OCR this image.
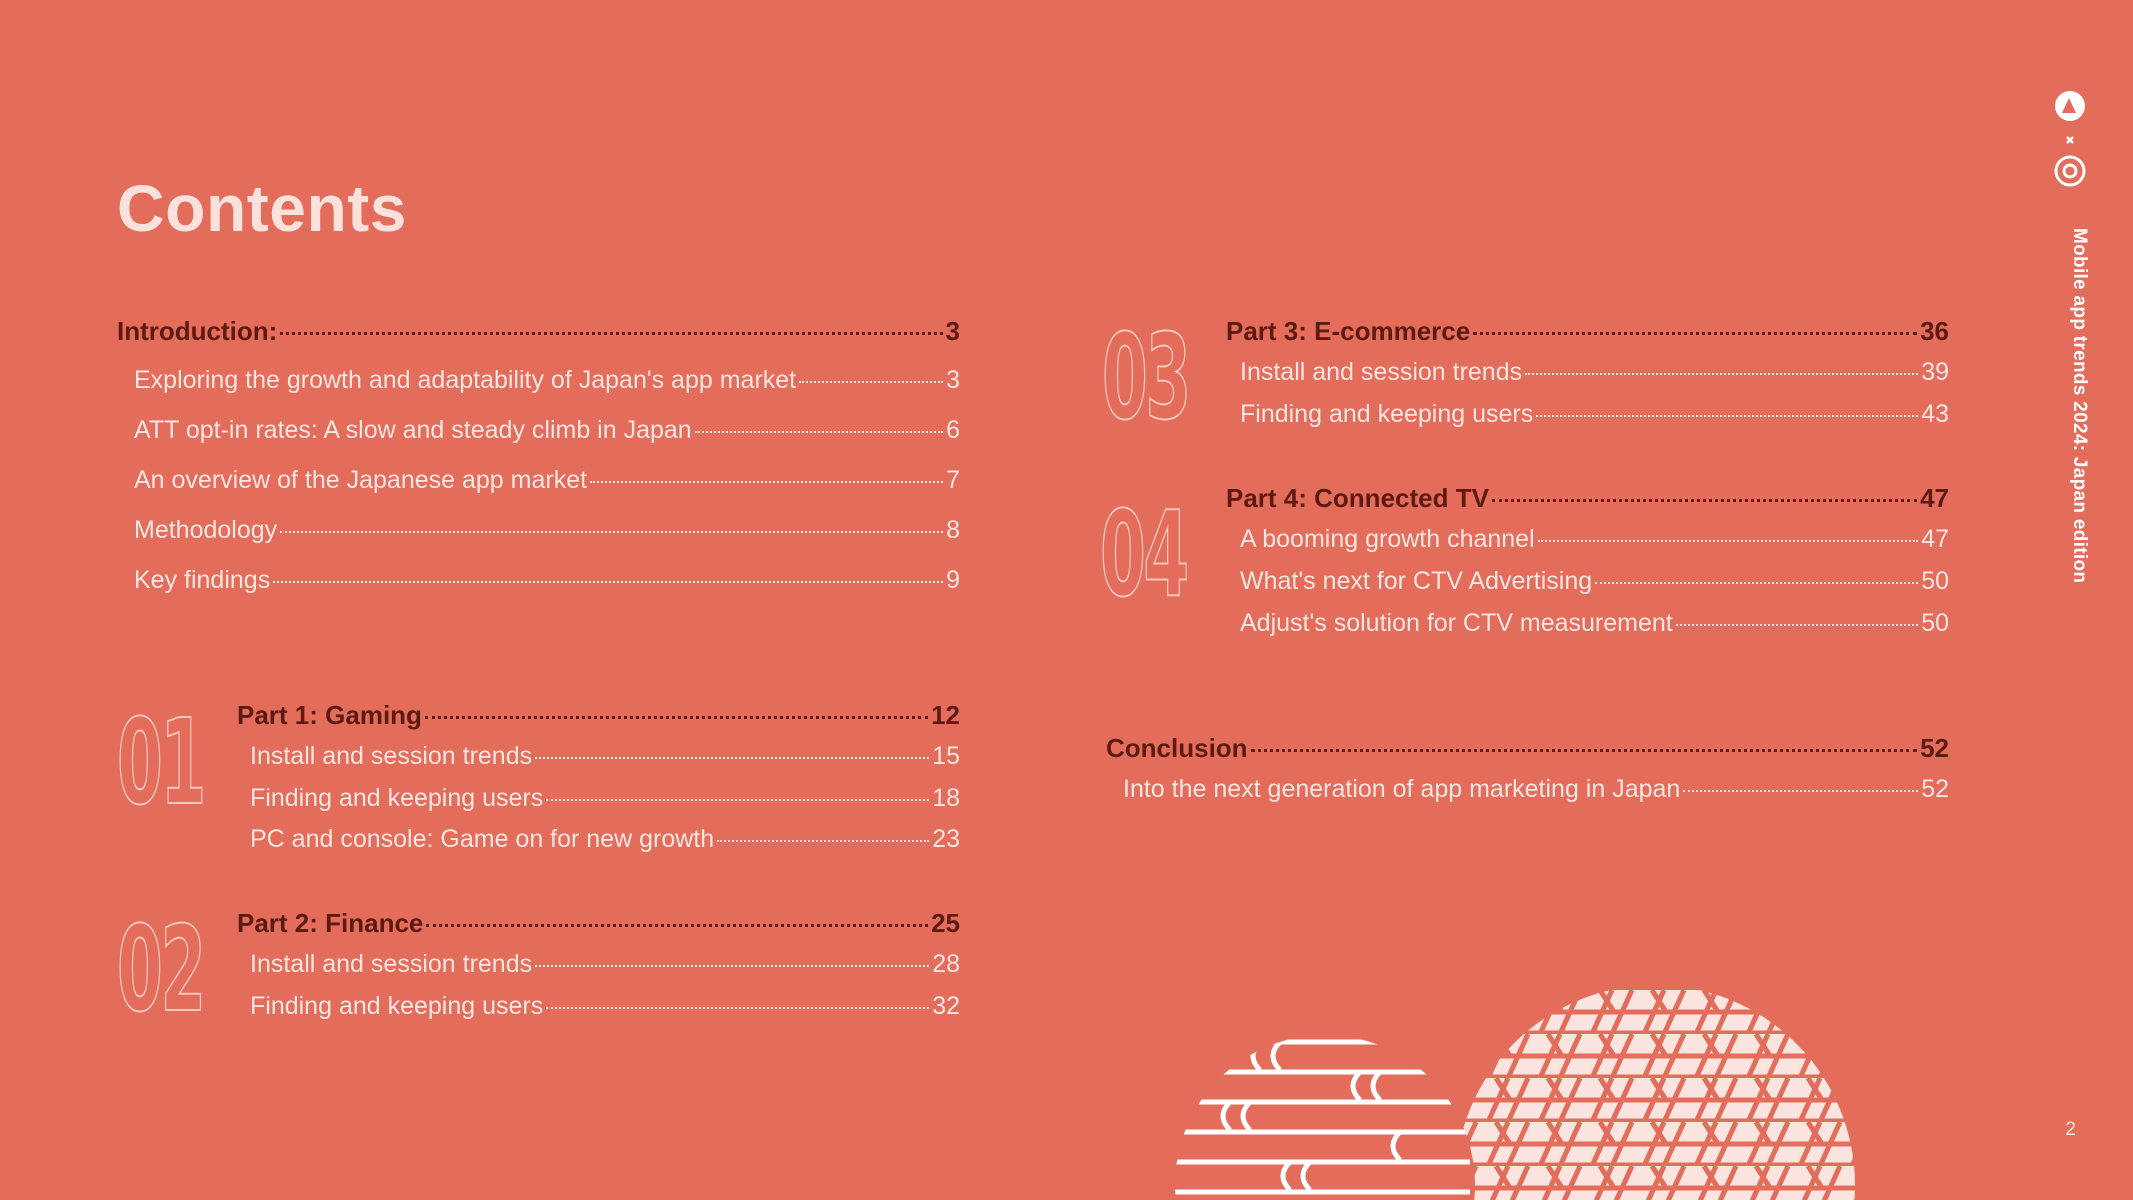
Contents
Introduction:	3
Exploring the growth and adaptability of Japan's app market	3
ATT opt-in rates: A slow and steady climb in Japan	6
An overview of the Japanese app market	7
Methodology	8
Key findings	9
01 Part 1: Gaming	12
Install and session trends	15
Finding and keeping users	18
PC and console: Game on for new growth	23
02 Part 2: Finance	25
Install and session trends	28
Finding and keeping users	32
03 Part 3: E-commerce	36
Install and session trends	39
Finding and keeping users	43
04 Part 4: Connected TV	47
A booming growth channel	47
What's next for CTV Advertising	50
Adjust's solution for CTV measurement	50
Conclusion	52
Into the next generation of app marketing in Japan	52
Mobile app trends 2024: Japan edition
2
